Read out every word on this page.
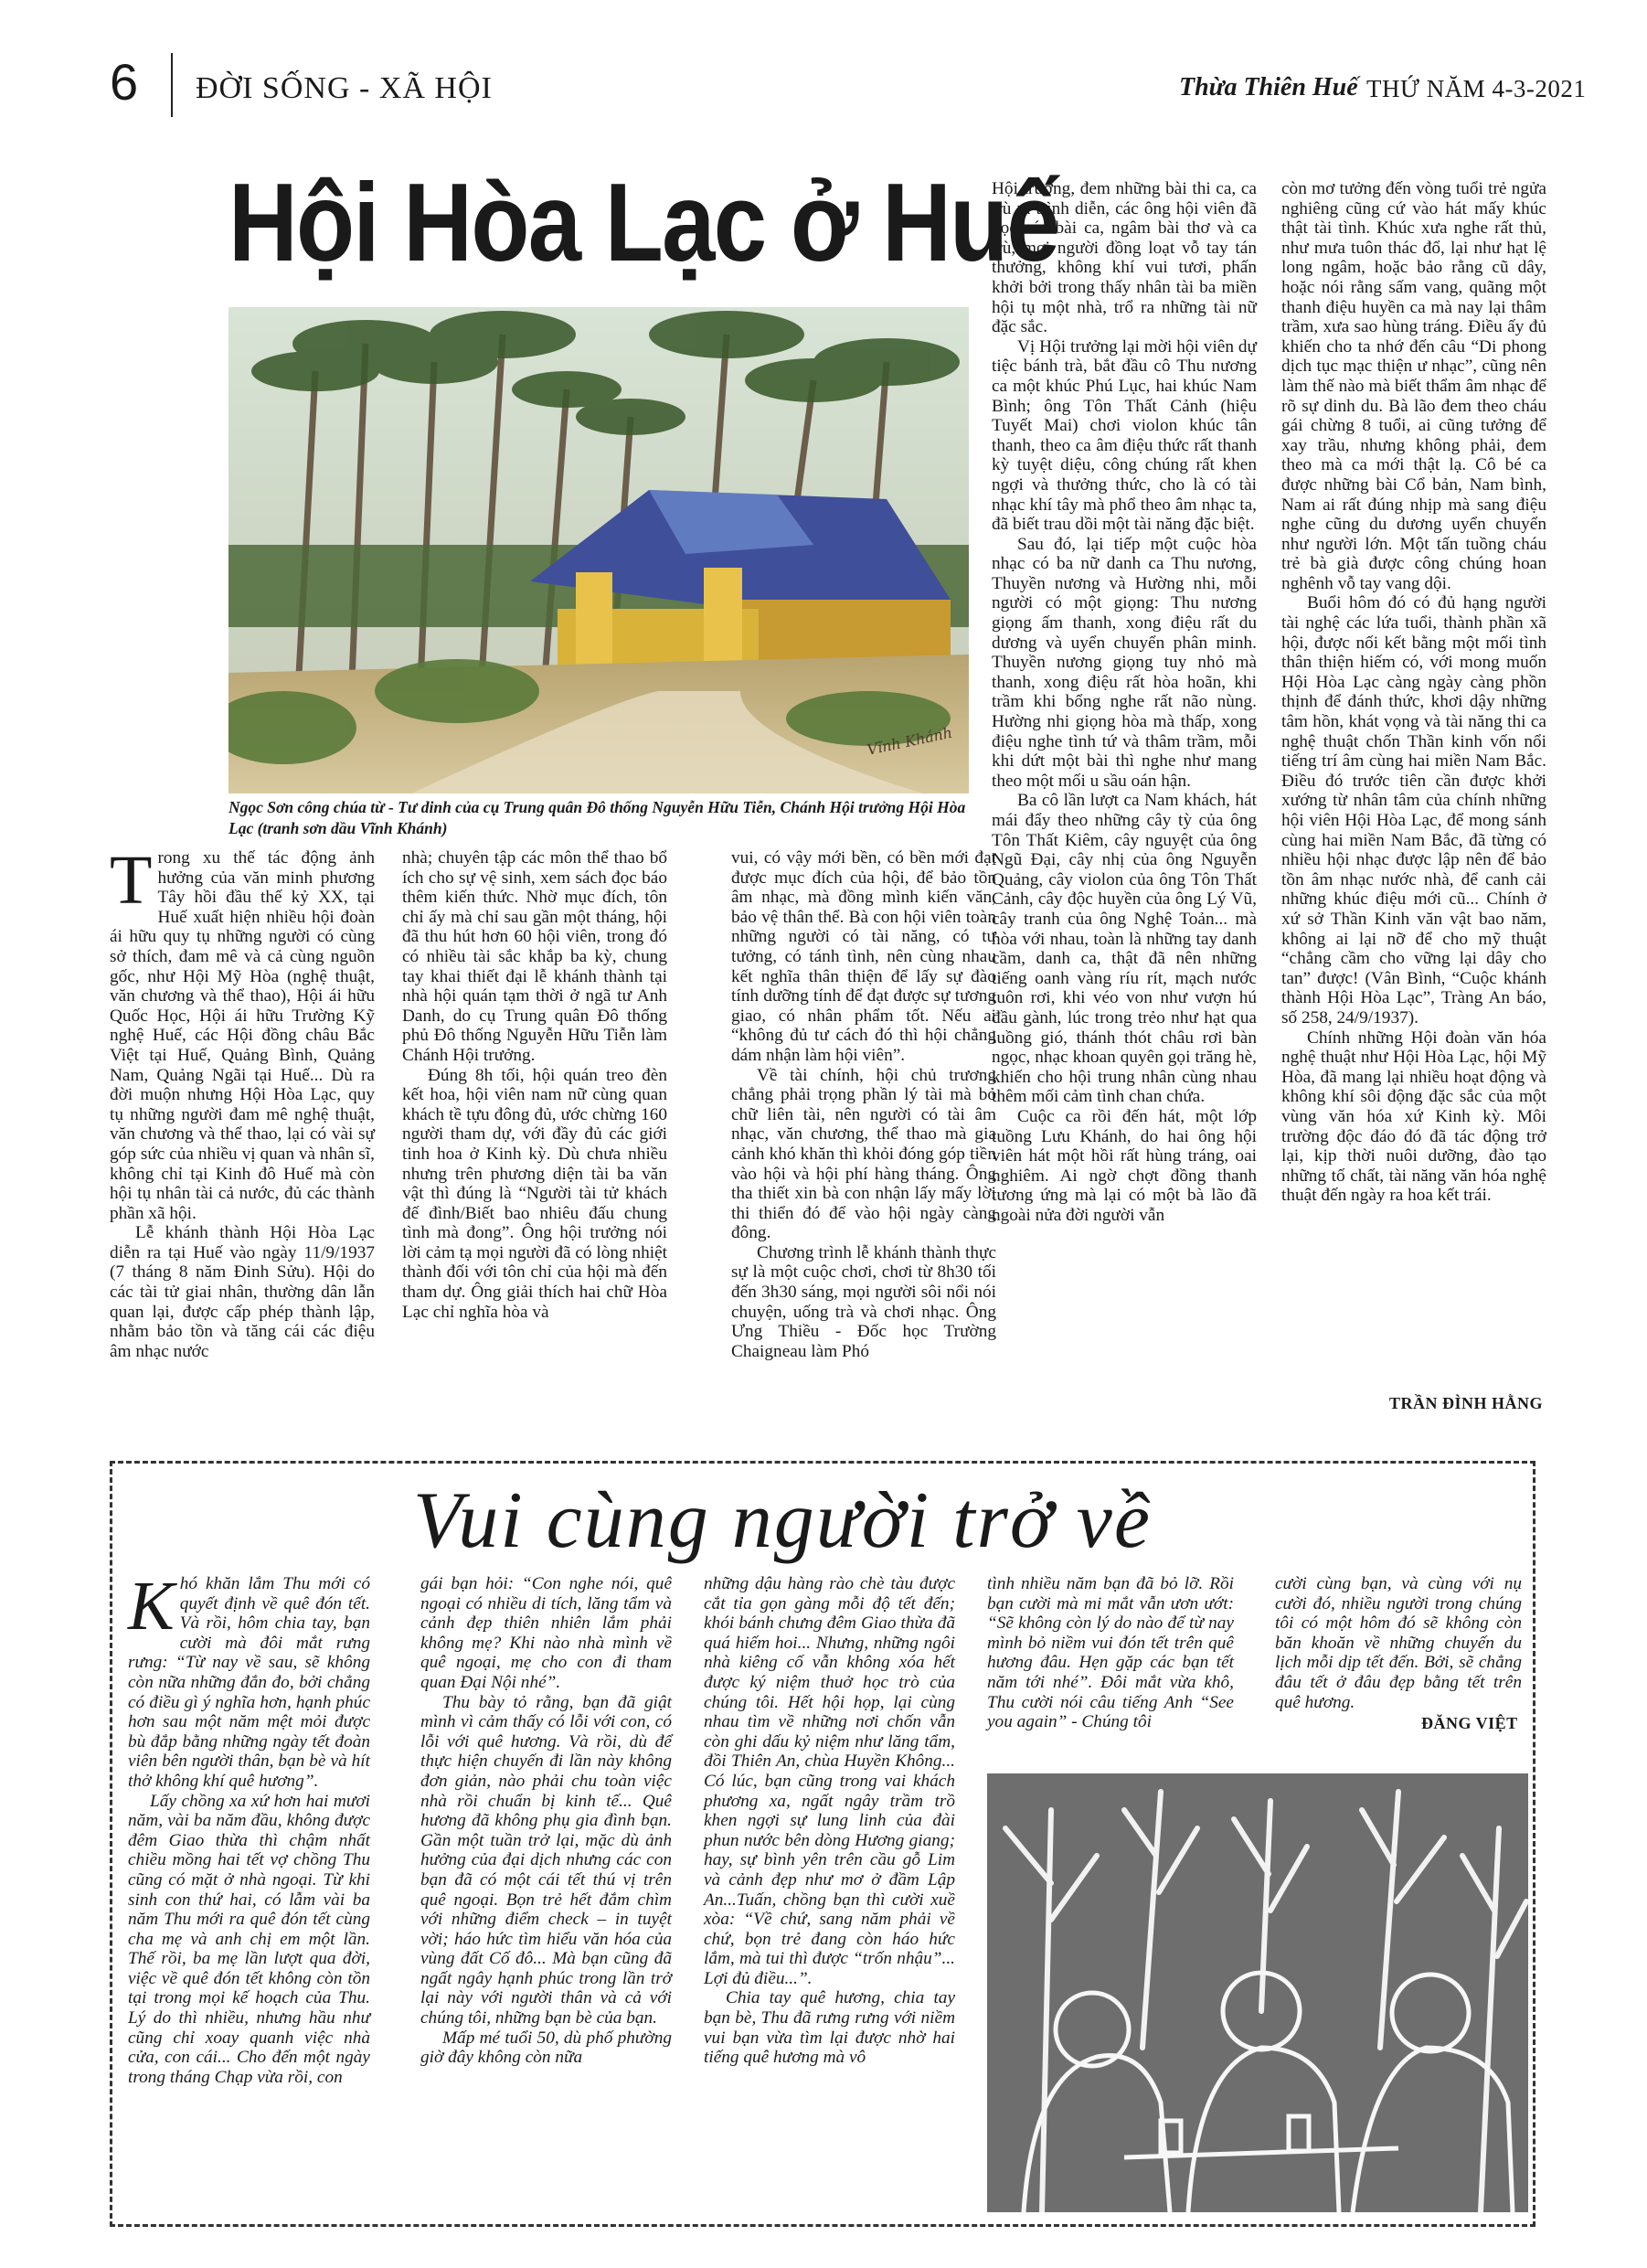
6 ĐỜI SỐNG - XÃ HỘI	Thừa Thiên Huế THỨ NĂM 4-3-2021
Hội Hòa Lạc ở Huế
Vĩnh Khánh
Ngọc Sơn công chúa từ - Tư dinh của cụ Trung quân Đô thống Nguyễn Hữu Tiễn, Chánh Hội trưởng Hội Hòa Lạc (tranh sơn dầu Vĩnh Khánh)

Trong xu thế tác động ảnh hưởng của văn minh phương Tây hồi đầu thế kỷ XX, tại Huế xuất hiện nhiều hội đoàn ái hữu quy tụ những người có cùng sở thích, đam mê và cả cùng nguồn gốc, như Hội Mỹ Hòa (nghệ thuật, văn chương và thể thao), Hội ái hữu Quốc Học, Hội ái hữu Trường Kỹ nghệ Huế, các Hội đồng châu Bắc Việt tại Huế, Quảng Bình, Quảng Nam, Quảng Ngãi tại Huế... Dù ra đời muộn nhưng Hội Hòa Lạc, quy tụ những người đam mê nghệ thuật, văn chương và thể thao, lại có vài sự góp sức của nhiều vị quan và nhân sĩ, không chỉ tại Kinh đô Huế mà còn hội tụ nhân tài cả nước, đủ các thành phần xã hội.

Lễ khánh thành Hội Hòa Lạc diễn ra tại Huế vào ngày 11/9/1937 (7 tháng 8 năm Đinh Sửu). Hội do các tài tử giai nhân, thường dân lẫn quan lại, được cấp phép thành lập, nhằm bảo tồn và tăng cái các điệu âm nhạc nước

nhà; chuyên tập các môn thể thao bổ ích cho sự vệ sinh, xem sách đọc báo thêm kiến thức. Nhờ mục đích, tôn chỉ ấy mà chỉ sau gần một tháng, hội đã thu hút hơn 60 hội viên, trong đó có nhiều tài sắc khắp ba kỳ, chung tay khai thiết đại lễ khánh thành tại nhà hội quán tạm thời ở ngã tư Anh Danh, do cụ Trung quân Đô thống phủ Đô thống Nguyễn Hữu Tiễn làm Chánh Hội trưởng.

Đúng 8h tối, hội quán treo đèn kết hoa, hội viên nam nữ cùng quan khách tề tựu đông đủ, ước chừng 160 người tham dự, với đầy đủ các giới tinh hoa ở Kinh kỳ. Dù chưa nhiều nhưng trên phương diện tài ba văn vật thì đúng là “Người tài tử khách đế đình/Biết bao nhiêu đấu chung tình mà đong”. Ông hội trưởng nói lời cảm tạ mọi người đã có lòng nhiệt thành đối với tôn chỉ của hội mà đến tham dự. Ông giải thích hai chữ Hòa Lạc chỉ nghĩa hòa và

vui, có vậy mới bền, có bền mới đạt được mục đích của hội, để bảo tồn âm nhạc, mà đồng mình kiến văn, bảo vệ thân thể. Bà con hội viên toàn những người có tài năng, có tư tưởng, có tánh tình, nên cùng nhau kết nghĩa thân thiện để lấy sự đào tính dưỡng tính để đạt được sự tương giao, có nhân phẩm tốt. Nếu ai “không đủ tư cách đó thì hội chẳng dám nhận làm hội viên”.

Về tài chính, hội chủ trương chẳng phải trọng phần lý tài mà bỏ chữ liên tài, nên người có tài âm nhạc, văn chương, thể thao mà gia cảnh khó khăn thì khỏi đóng góp tiền vào hội và hội phí hàng tháng. Ông tha thiết xin bà con nhận lấy mấy lời thi thiển đó để vào hội ngày càng đông.

Chương trình lễ khánh thành thực sự là một cuộc chơi, chơi từ 8h30 tối đến 3h30 sáng, mọi người sôi nổi nói chuyện, uống trà và chơi nhạc. Ông Ưng Thiều - Đốc học Trường Chaigneau làm Phó

Hội trưởng, đem những bài thi ca, ca trù ra trình diễn, các ông hội viên đã đọc các bài ca, ngâm bài thơ và ca trù, mọi người đồng loạt vỗ tay tán thưởng, không khí vui tươi, phấn khởi bởi trong thấy nhân tài ba miền hội tụ một nhà, trổ ra những tài nữ đặc sắc.

Vị Hội trưởng lại mời hội viên dự tiệc bánh trà, bắt đầu cô Thu nương ca một khúc Phú Lục, hai khúc Nam Bình; ông Tôn Thất Cảnh (hiệu Tuyết Mai) chơi violon khúc tân thanh, theo ca âm điệu thức rất thanh kỳ tuyệt diệu, công chúng rất khen ngợi và thưởng thức, cho là có tài nhạc khí tây mà phổ theo âm nhạc ta, đã biết trau dồi một tài năng đặc biệt.

Sau đó, lại tiếp một cuộc hòa nhạc có ba nữ danh ca Thu nương, Thuyền nương và Hường nhi, mỗi người có một giọng: Thu nương giọng ấm thanh, xong điệu rất du dương và uyển chuyển phân minh. Thuyền nương giọng tuy nhỏ mà thanh, xong điệu rất hòa hoãn, khi trầm khi bổng nghe rất não nùng. Hường nhi giọng hòa mà thấp, xong điệu nghe tình tứ và thâm trầm, mỗi khi dứt một bài thì nghe như mang theo một mối u sầu oán hận.

Ba cô lần lượt ca Nam khách, hát mái đẩy theo những cây tỳ của ông Tôn Thất Kiêm, cây nguyệt của ông Ngũ Đại, cây nhị của ông Nguyễn Quảng, cây violon của ông Tôn Thất Cảnh, cây độc huyền của ông Lý Vũ, cây tranh của ông Nghệ Toản... mà hòa với nhau, toàn là những tay danh cầm, danh ca, thật đã nên những tiếng oanh vàng ríu rít, mạch nước tuôn rơi, khi véo von như vượn hú đầu gành, lúc trong trẻo như hạt qua luồng gió, thánh thót châu rơi bàn ngọc, nhạc khoan quyên gọi trăng hè, khiến cho hội trung nhân cùng nhau thêm mối cảm tình chan chứa.

Cuộc ca rồi đến hát, một lớp tuồng Lưu Khánh, do hai ông hội viên hát một hồi rất hùng tráng, oai nghiêm. Ai ngờ chợt đồng thanh tương ứng mà lại có một bà lão đã ngoài nửa đời người vẫn

còn mơ tưởng đến vòng tuổi trẻ ngửa nghiêng cũng cứ vào hát mấy khúc thật tài tình. Khúc xưa nghe rất thủ, như mưa tuôn thác đổ, lại như hạt lệ long ngâm, hoặc bảo rằng cũ dây, hoặc nói rằng sấm vang, quãng một thanh điệu huyền ca mà nay lại thâm trầm, xưa sao hùng tráng. Điều ấy đủ khiến cho ta nhớ đến câu “Di phong dịch tục mạc thiện ư nhạc”, cũng nên làm thế nào mà biết thẩm âm nhạc để rõ sự dinh du. Bà lão đem theo cháu gái chừng 8 tuổi, ai cũng tưởng để xay trầu, nhưng không phải, đem theo mà ca mới thật lạ. Cô bé ca được những bài Cổ bản, Nam bình, Nam ai rất đúng nhịp mà sang điệu nghe cũng du dương uyển chuyển như người lớn. Một tấn tuồng cháu trẻ bà già được công chúng hoan nghênh vỗ tay vang dội.

Buổi hôm đó có đủ hạng người tài nghệ các lứa tuổi, thành phần xã hội, được nối kết bằng một mối tình thân thiện hiếm có, với mong muốn Hội Hòa Lạc càng ngày càng phồn thịnh để đánh thức, khơi dậy những tâm hồn, khát vọng và tài năng thi ca nghệ thuật chốn Thần kinh vốn nổi tiếng trí âm cùng hai miền Nam Bắc. Điều đó trước tiên cần được khởi xướng từ nhân tâm của chính những hội viên Hội Hòa Lạc, để mong sánh cùng hai miền Nam Bắc, đã từng có nhiều hội nhạc được lập nên để bảo tồn âm nhạc nước nhà, để canh cải những khúc điệu mới cũ... Chính ở xứ sở Thần Kinh văn vật bao năm, không ai lại nỡ để cho mỹ thuật “chẳng cầm cho vững lại dây cho tan” được! (Vân Bình, “Cuộc khánh thành Hội Hòa Lạc”, Tràng An báo, số 258, 24/9/1937).

Chính những Hội đoàn văn hóa nghệ thuật như Hội Hòa Lạc, hội Mỹ Hòa, đã mang lại nhiều hoạt động và không khí sôi động đặc sắc của một vùng văn hóa xứ Kinh kỳ. Môi trường độc đáo đó đã tác động trở lại, kịp thời nuôi dưỡng, đào tạo những tố chất, tài năng văn hóa nghệ thuật đến ngày ra hoa kết trái.

TRẦN ĐÌNH HẰNG
Vui cùng người trở về

Khó khăn lắm Thu mới có quyết định về quê đón tết. Và rồi, hôm chia tay, bạn cười mà đôi mắt rưng rưng: “Từ nay về sau, sẽ không còn nữa những đắn đo, bởi chẳng có điều gì ý nghĩa hơn, hạnh phúc hơn sau một năm mệt mỏi được bù đắp bằng những ngày tết đoàn viên bên người thân, bạn bè và hít thở không khí quê hương”.

Lấy chồng xa xứ hơn hai mươi năm, vài ba năm đầu, không được đêm Giao thừa thì chậm nhất chiều mồng hai tết vợ chồng Thu cũng có mặt ở nhà ngoại. Từ khi sinh con thứ hai, có lẫm vài ba năm Thu mới ra quê đón tết cùng cha mẹ và anh chị em một lần. Thế rồi, ba mẹ lần lượt qua đời, việc về quê đón tết không còn tồn tại trong mọi kế hoạch của Thu. Lý do thì nhiều, nhưng hầu như cũng chỉ xoay quanh việc nhà cửa, con cái... Cho đến một ngày trong tháng Chạp vừa rồi, con

gái bạn hỏi: “Con nghe nói, quê ngoại có nhiều di tích, lăng tẩm và cảnh đẹp thiên nhiên lắm phải không mẹ? Khi nào nhà mình về quê ngoại, mẹ cho con đi tham quan Đại Nội nhé”.

Thu bày tỏ rằng, bạn đã giật mình vì cảm thấy có lỗi với con, có lỗi với quê hương. Và rồi, dù để thực hiện chuyến đi lần này không đơn giản, nào phải chu toàn việc nhà rồi chuẩn bị kinh tế... Quê hương đã không phụ gia đình bạn. Gần một tuần trở lại, mặc dù ảnh hưởng của đại dịch nhưng các con bạn đã có một cái tết thú vị trên quê ngoại. Bọn trẻ hết đắm chìm với những điểm check – in tuyệt vời; háo hức tìm hiểu văn hóa của vùng đất Cố đô... Mà bạn cũng đã ngất ngây hạnh phúc trong lần trở lại này với người thân và cả với chúng tôi, những bạn bè của bạn.

Mấp mé tuổi 50, dù phố phường giờ đây không còn nữa

những dậu hàng rào chè tàu được cắt tỉa gọn gàng mỗi độ tết đến; khói bánh chưng đêm Giao thừa đã quá hiếm hoi... Nhưng, những ngôi nhà kiêng cố vẫn không xóa hết được ký niệm thuở học trò của chúng tôi. Hết hội họp, lại cùng nhau tìm về những nơi chốn vẫn còn ghi dấu kỷ niệm như lăng tẩm, đồi Thiên An, chùa Huyền Không... Có lúc, bạn cũng trong vai khách phương xa, ngất ngây trầm trồ khen ngợi sự lung linh của đài phun nước bên dòng Hương giang; hay, sự bình yên trên cầu gỗ Lim và cảnh đẹp như mơ ở đầm Lập An...Tuấn, chồng bạn thì cười xuề xòa: “Về chứ, sang năm phải về chứ, bọn trẻ đang còn háo hức lắm, mà tui thì được “trốn nhậu”... Lợi đủ điều...”.

Chia tay quê hương, chia tay bạn bè, Thu đã rưng rưng với niềm vui bạn vừa tìm lại được nhờ hai tiếng quê hương mà vô

tình nhiều năm bạn đã bỏ lỡ. Rồi bạn cười mà mi mắt vẫn ươn ướt: “Sẽ không còn lý do nào để từ nay mình bỏ niềm vui đón tết trên quê hương đâu. Hẹn gặp các bạn tết năm tới nhé”. Đôi mắt vừa khô, Thu cười nói câu tiếng Anh “See you again” - Chúng tôi

cười cùng bạn, và cùng với nụ cười đó, nhiều người trong chúng tôi có một hôm đó sẽ không còn băn khoăn về những chuyến du lịch mỗi dịp tết đến. Bởi, sẽ chẳng đâu tết ở đâu đẹp bằng tết trên quê hương.

ĐĂNG VIỆT
